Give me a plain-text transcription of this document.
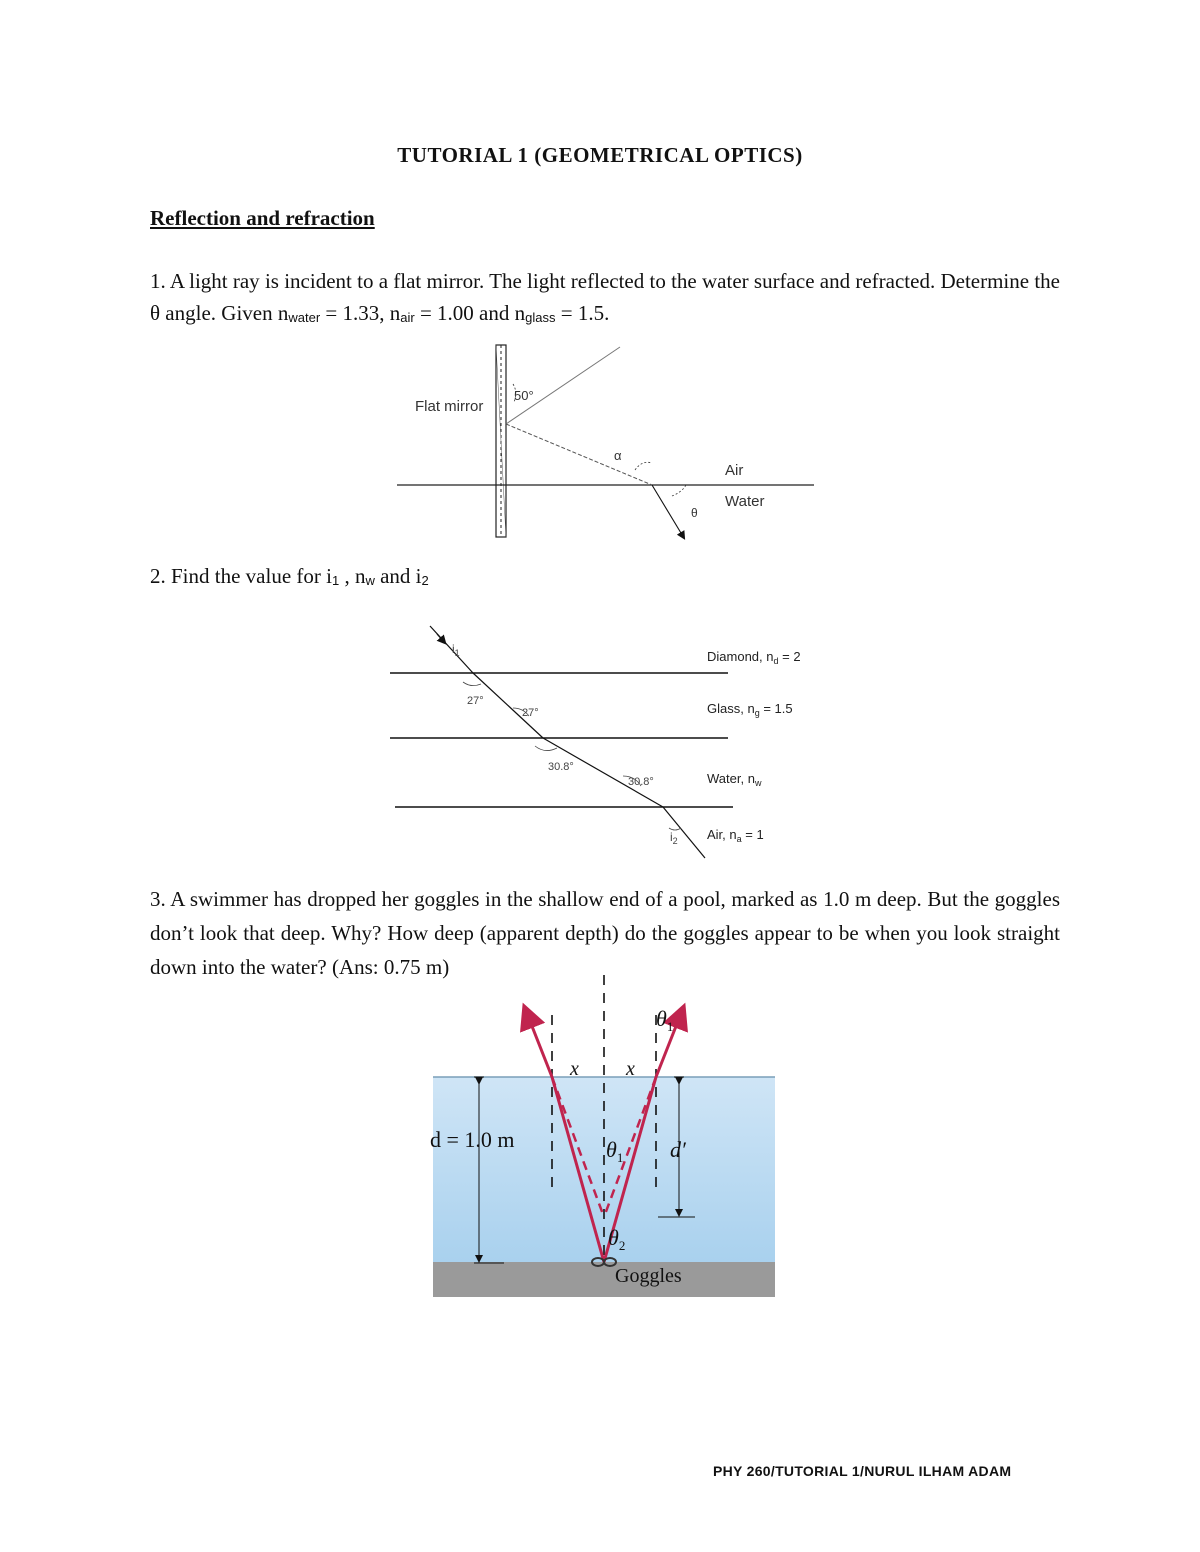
TUTORIAL 1 (GEOMETRICAL OPTICS)
Reflection and refraction
1. A light ray is incident to a flat mirror. The light reflected to the water surface and refracted. Determine the θ angle. Given $n_{water} = 1.33$, $n_{air} = 1.00$ and $n_{glass} = 1.5$.
Flat mirror
50°
α
Air
Water
θ
2. Find the value for $i_1$ , $n_w$ and $i_2$
$i_1$	Diamond, $n_d = 2$
Glass, $n_g = 1.5$
Water, $n_w$
Air, $n_a = 1$
27°
27°
30.8°
30.8°
$i_2$
3. A swimmer has dropped her goggles in the shallow end of a pool, marked as 1.0 m deep. But the goggles don’t look that deep. Why? How deep (apparent depth) do the goggles appear to be when you look straight down into the water? (Ans: 0.75 m)
d = 1.0 m	d′
x x
$\theta_1$
$\theta_1$
$\theta_2$
Goggles
PHY 260/TUTORIAL 1/NURUL ILHAM ADAM
